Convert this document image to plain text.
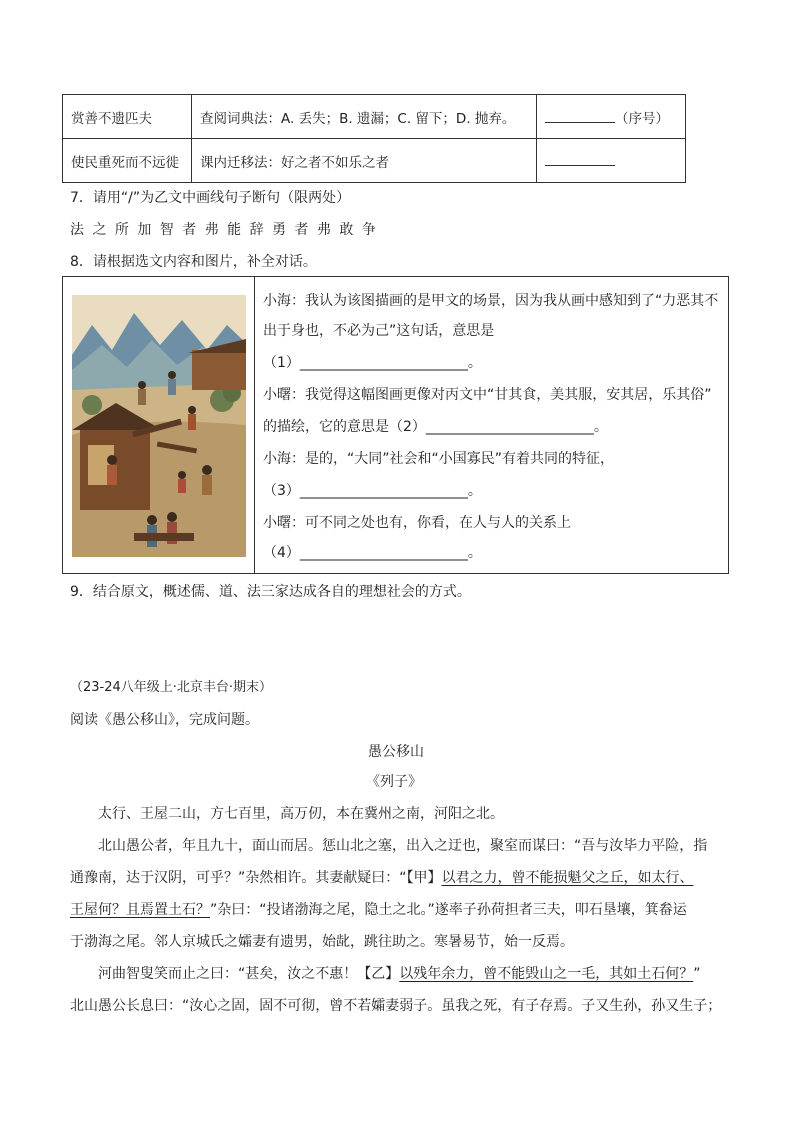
赏善不遗匹夫	查阅词典法：A. 丢失；B. 遗漏；C. 留下；D. 抛弃。	（序号）
使民重死而不远徙	课内迁移法：好之者不如乐之者	
7．请用“/”为乙文中画线句子断句（限两处）
法 之 所 加 智 者 弗 能 辞 勇 者 弗 敢 争
8．请根据选文内容和图片，补全对话。
小海：我认为该图描画的是甲文的场景，因为我从画中感知到了“力恶其不
出于身也，不必为己”这句话，意思是
（1）________________________。
小曙：我觉得这幅图画更像对丙文中“甘其食，美其服，安其居，乐其俗”
的描绘，它的意思是（2）________________________。
小海：是的，“大同”社会和“小国寡民”有着共同的特征，
（3）________________________。
小曙：可不同之处也有，你看，在人与人的关系上
（4）________________________。
9．结合原文，概述儒、道、法三家达成各自的理想社会的方式。
（23-24八年级上·北京丰台·期末）
阅读《愚公移山》，完成问题。
愚公移山
《列子》
太行、王屋二山，方七百里，高万仞，本在冀州之南，河阳之北。
北山愚公者，年且九十，面山而居。惩山北之塞，出入之迂也，聚室而谋曰：“吾与汝毕力平险，指
通豫南，达于汉阴，可乎？”杂然相许。其妻献疑曰：“【甲】以君之力，曾不能损魁父之丘，如太行、
王屋何？且焉置土石？”杂曰：“投诸渤海之尾，隐土之北。”遂率子孙荷担者三夫，叩石垦壤，箕畚运
于渤海之尾。邻人京城氏之孀妻有遗男，始龀，跳往助之。寒暑易节，始一反焉。
河曲智叟笑而止之曰：“甚矣，汝之不惠！【乙】以残年余力，曾不能毁山之一毛，其如土石何？”
北山愚公长息曰：“汝心之固，固不可彻，曾不若孀妻弱子。虽我之死，有子存焉。子又生孙，孙又生子；
